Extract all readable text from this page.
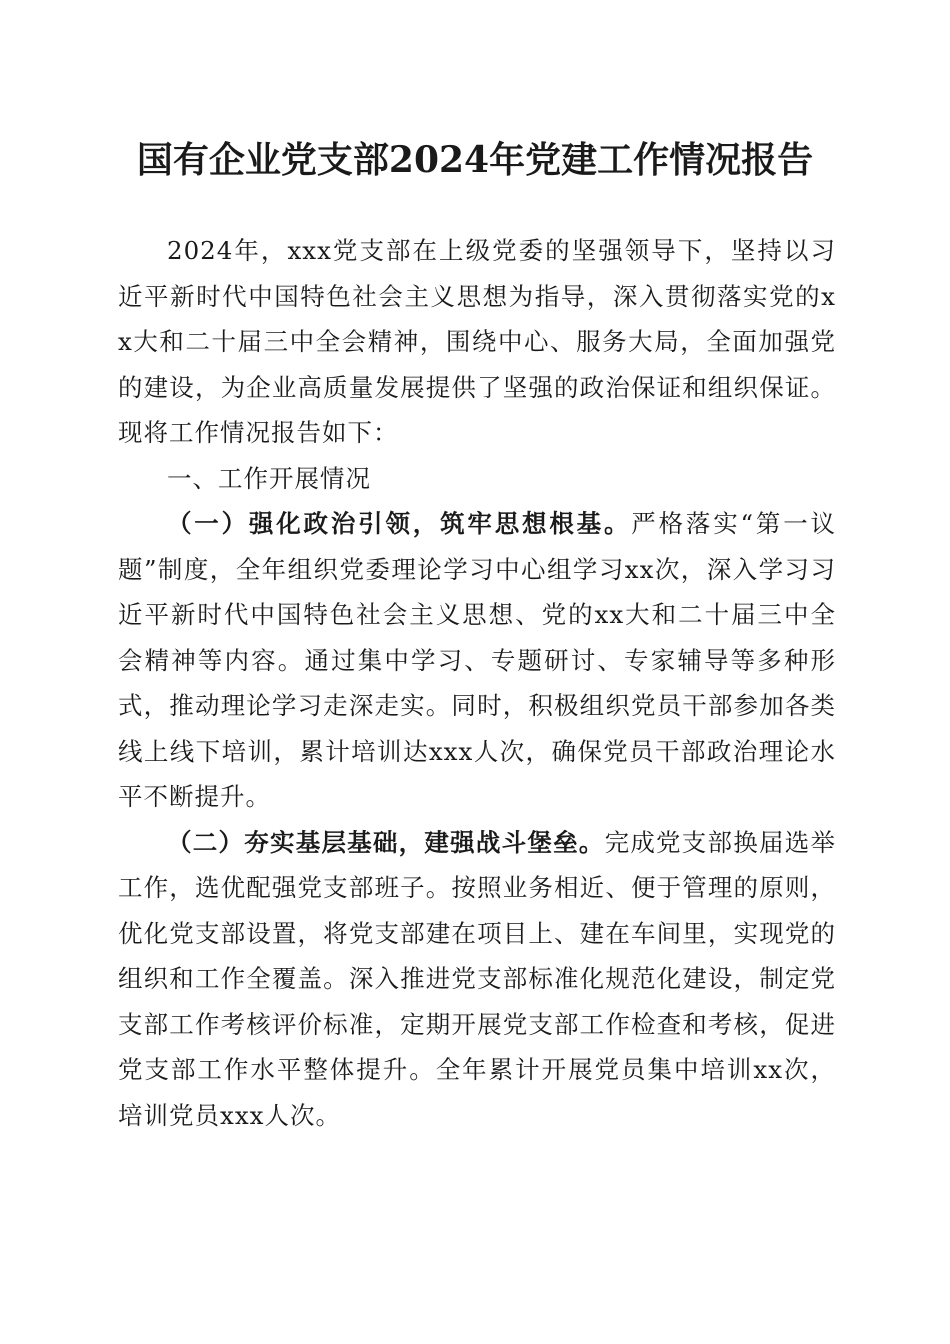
国有企业党支部2024年党建工作情况报告

2024年，xxx党支部在上级党委的坚强领导下，坚持以习近平新时代中国特色社会主义思想为指导，深入贯彻落实党的xx大和二十届三中全会精神，围绕中心、服务大局，全面加强党的建设，为企业高质量发展提供了坚强的政治保证和组织保证。现将工作情况报告如下：

一、工作开展情况

（一）强化政治引领，筑牢思想根基。严格落实“第一议题”制度，全年组织党委理论学习中心组学习xx次，深入学习习近平新时代中国特色社会主义思想、党的xx大和二十届三中全会精神等内容。通过集中学习、专题研讨、专家辅导等多种形式，推动理论学习走深走实。同时，积极组织党员干部参加各类线上线下培训，累计培训达xxx人次，确保党员干部政治理论水平不断提升。

（二）夯实基层基础，建强战斗堡垒。完成党支部换届选举工作，选优配强党支部班子。按照业务相近、便于管理的原则，优化党支部设置，将党支部建在项目上、建在车间里，实现党的组织和工作全覆盖。深入推进党支部标准化规范化建设，制定党支部工作考核评价标准，定期开展党支部工作检查和考核，促进党支部工作水平整体提升。全年累计开展党员集中培训xx次，培训党员xxx人次。
